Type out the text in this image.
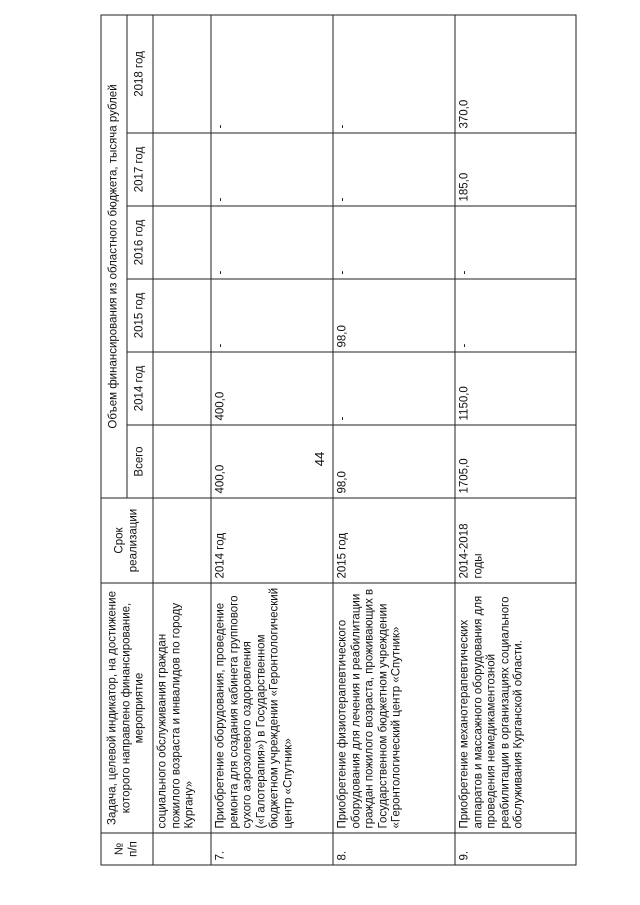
44
№ п/п	Задача, целевой индикатор, на достижение которого направлено финансирование, мероприятие	Срок реализации	Объем финансирования из областного бюджета, тысяча рублей					
			Всего	2014 год	2015 год	2016 год	2017 год	2018 год
	социального обслуживания граждан пожилого возраста и инвалидов по городу Кургану»							
7.	Приобретение оборудования, проведение ремонта для создания кабинета группового сухого аэрозолевого оздоровления («Галотерапия») в Государственном бюджетном учреждении «Геронтологический центр «Спутник»	2014 год	400,0	400,0	-	-	-	-
8.	Приобретение физиотерапевтического оборудования для лечения и реабилитации граждан пожилого возраста, проживающих в Государственном бюджетном учреждении «Геронтологический центр «Спутник»	2015 год	98,0	-	98,0	-	-	-
9.	Приобретение механотерапевтических аппаратов и массажного оборудования для проведения немедикаментозной реабилитации в организациях социального обслуживания Курганской области.	2014-2018 годы	1705,0	1150,0	-	-	185,0	370,0
